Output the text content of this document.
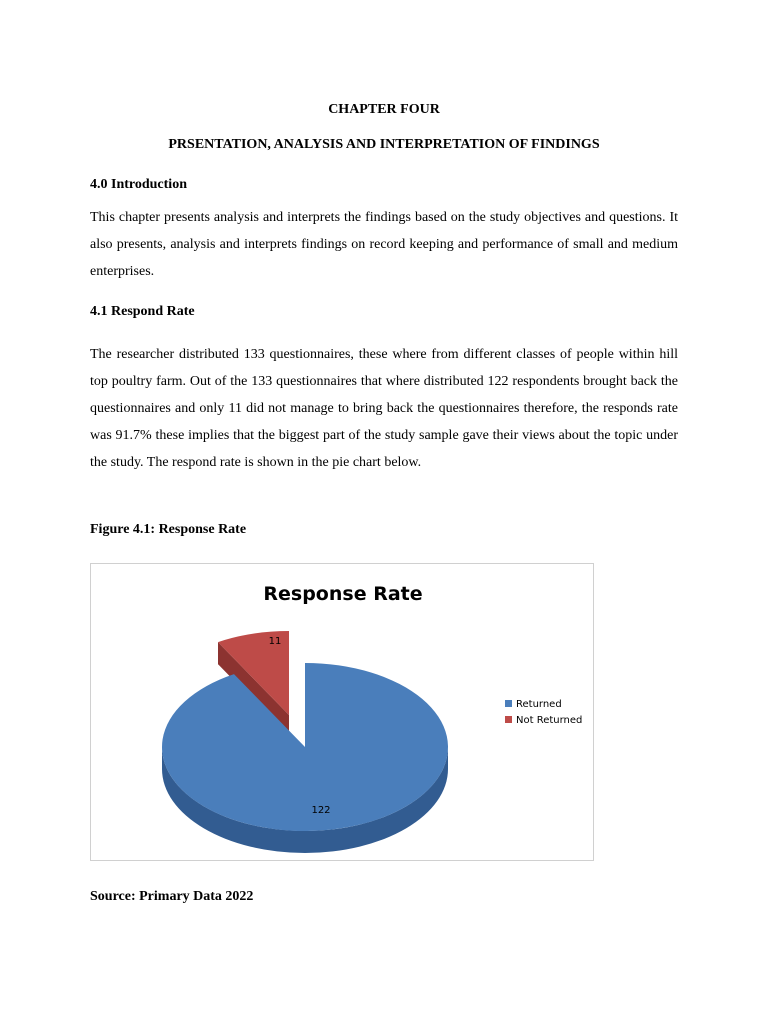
CHAPTER FOUR
PRSENTATION, ANALYSIS AND INTERPRETATION OF FINDINGS
4.0 Introduction

This chapter presents analysis and interprets the findings based on the study objectives and questions. It also presents, analysis and interprets findings on record keeping and performance of small and medium enterprises.

4.1 Respond Rate

The researcher distributed 133 questionnaires, these where from different classes of people within hill top poultry farm. Out of the 133 questionnaires that where distributed 122 respondents brought back the questionnaires and only 11 did not manage to bring back the questionnaires therefore, the responds rate was 91.7% these implies that the biggest part of the study sample gave their views about the topic under the study. The respond rate is shown in the pie chart below.

Figure 4.1: Response Rate
Response Rate
122
11
Returned
Not Returned
Source: Primary Data 2022
